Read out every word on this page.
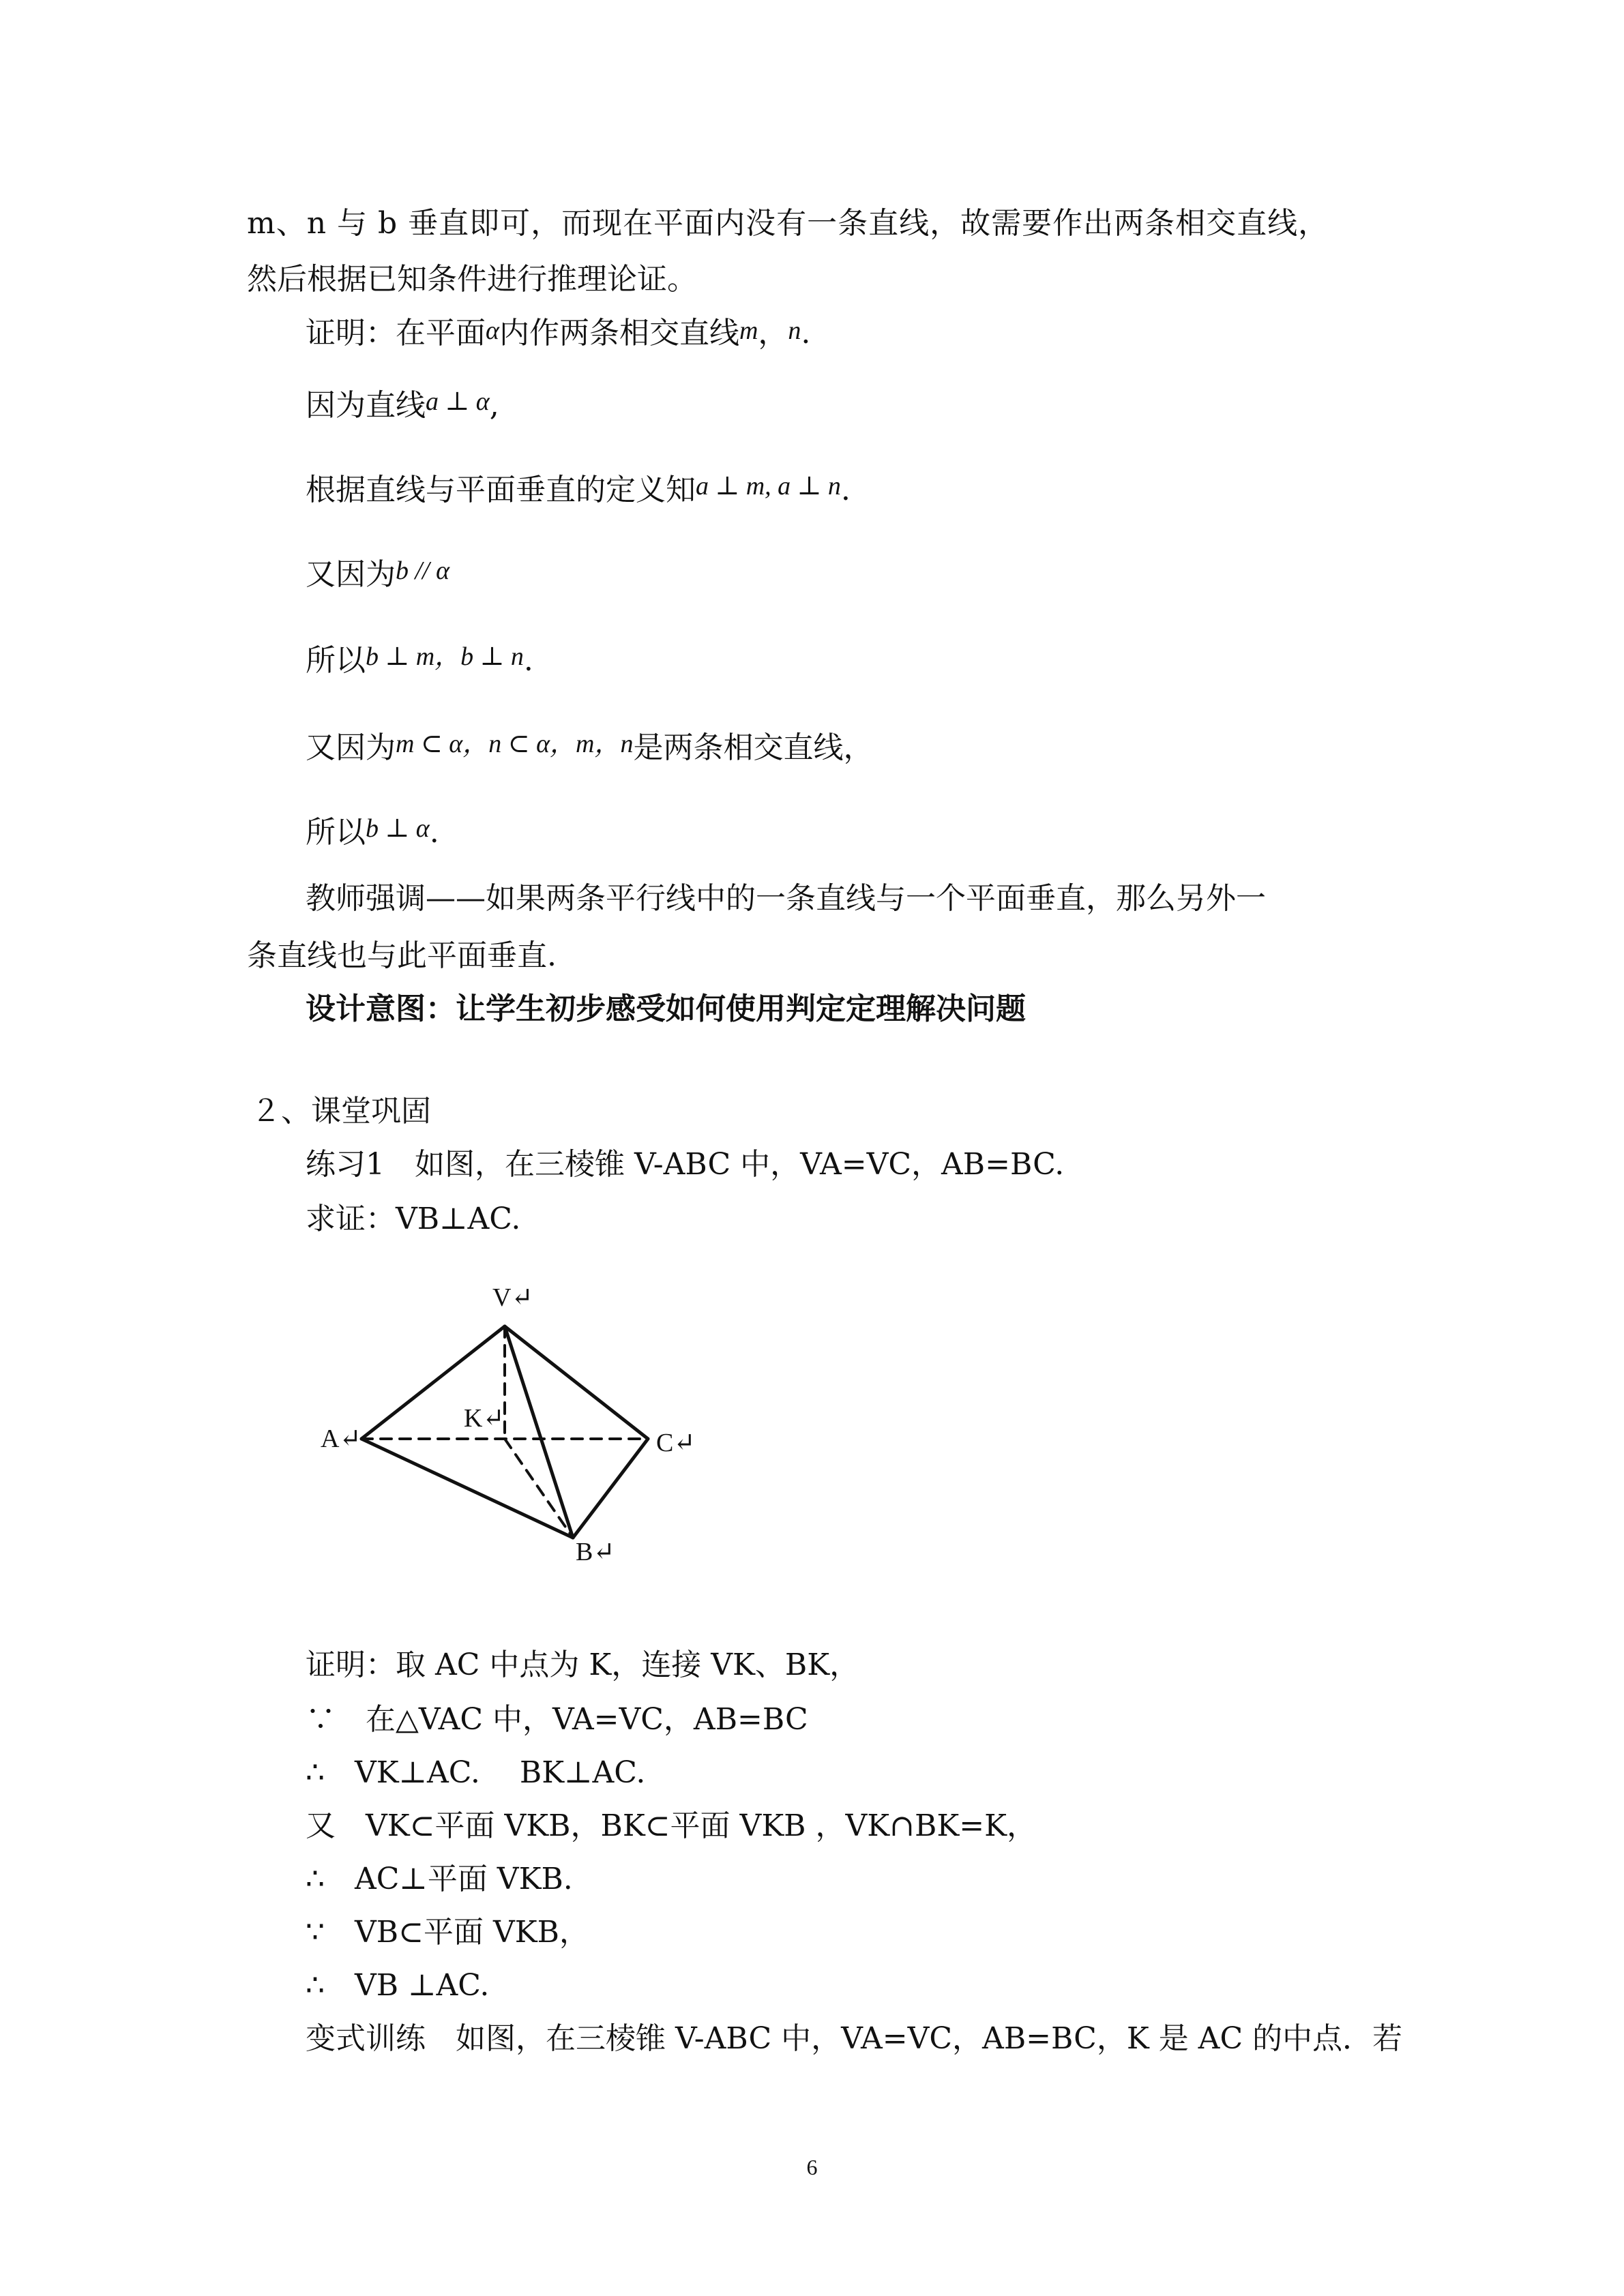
m、n 与 b 垂直即可，而现在平面内没有一条直线，故需要作出两条相交直线，
然后根据已知条件进行推理论证。
证明：在平面α内作两条相交直线m，n.
因为直线a ⊥ α,
根据直线与平面垂直的定义知a ⊥ m, a ⊥ n.
又因为b // α
所以b ⊥ m，b ⊥ n.
又因为m ⊂ α，n ⊂ α，m，n是两条相交直线，
所以b ⊥ α.
教师强调——如果两条平行线中的一条直线与一个平面垂直，那么另外一
条直线也与此平面垂直.
设计意图：让学生初步感受如何使用判定定理解决问题
２、课堂巩固
练习1　如图，在三棱锥 V-ABC 中，VA=VC，AB=BC.
求证：VB⊥AC.
V↵
A↵
K↵
C↵
B↵
证明：取 AC 中点为 K，连接 VK、BK，
∵　在△VAC 中，VA=VC，AB=BC
∴　VK⊥AC.　 BK⊥AC.
又　VK⊂平面 VKB，BK⊂平面 VKB ，VK∩BK=K，
∴　AC⊥平面 VKB.
∵　VB⊂平面 VKB，
∴　VB ⊥AC.
变式训练　如图，在三棱锥 V-ABC 中，VA=VC，AB=BC，K 是 AC 的中点．若
6
